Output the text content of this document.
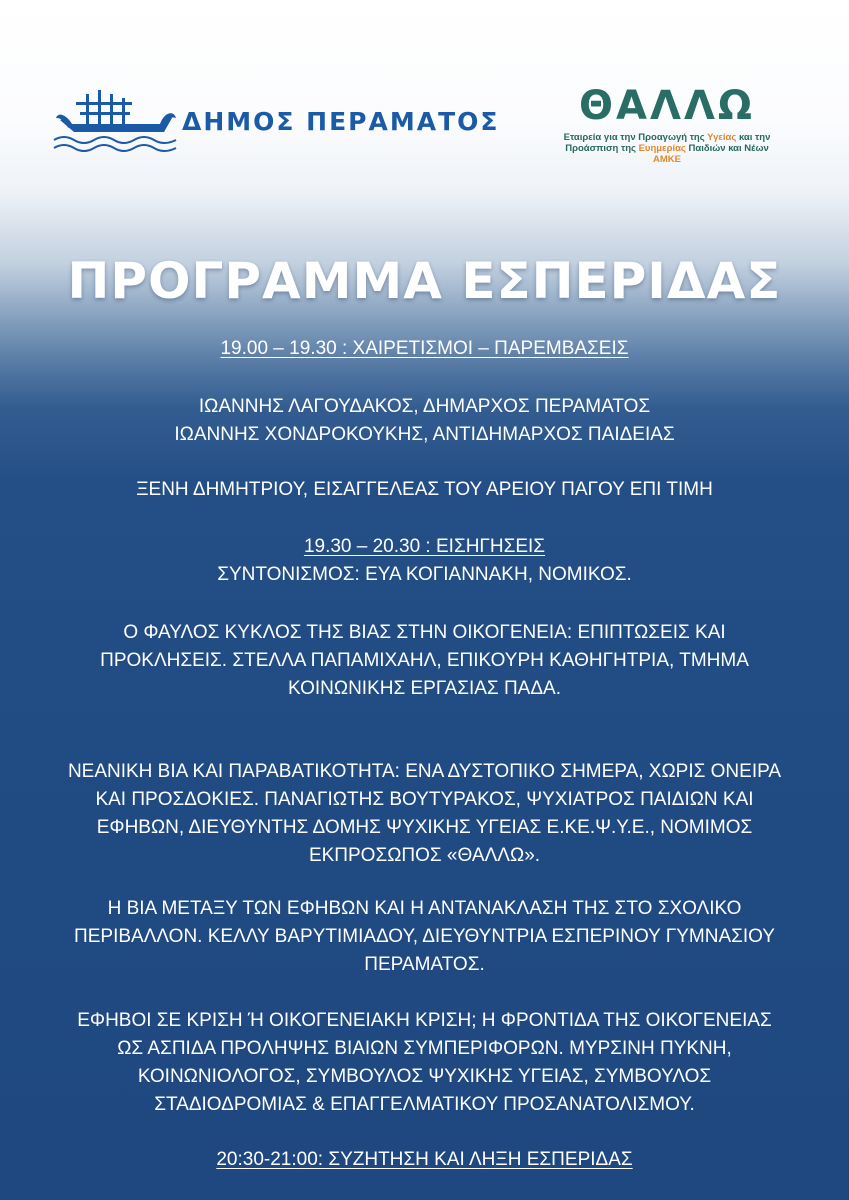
ΔΗΜΟΣ ΠΕΡΑΜΑΤΟΣ	ΘΑΛΛΩ
Εταιρεία για την Προαγωγή της Υγείας και την
Προάσπιση της Ευημερίας Παιδιών και Νέων
ΑΜΚΕ
ΠΡΟΓΡΑΜΜΑ ΕΣΠΕΡΙΔΑΣ
19.00 – 19.30 : ΧΑΙΡΕΤΙΣΜΟΙ – ΠΑΡΕΜΒΑΣΕΙΣ
ΙΩΑΝΝΗΣ ΛΑΓΟΥΔΑΚΟΣ, ΔΗΜΑΡΧΟΣ ΠΕΡΑΜΑΤΟΣ
ΙΩΑΝΝΗΣ ΧΟΝΔΡΟΚΟΥΚΗΣ, ΑΝΤΙΔΗΜΑΡΧΟΣ ΠΑΙΔΕΙΑΣ
ΞΕΝΗ ΔΗΜΗΤΡΙΟΥ, ΕΙΣΑΓΓΕΛΕΑΣ ΤΟΥ ΑΡΕΙΟΥ ΠΑΓΟΥ ΕΠΙ ΤΙΜΗ
19.30 – 20.30 : ΕΙΣΗΓΗΣΕΙΣ
ΣΥΝΤΟΝΙΣΜΟΣ: ΕΥΑ ΚΟΓΙΑΝΝΑΚΗ, ΝΟΜΙΚΟΣ.
Ο ΦΑΥΛΟΣ ΚΥΚΛΟΣ ΤΗΣ ΒΙΑΣ ΣΤΗΝ ΟΙΚΟΓΕΝΕΙΑ: ΕΠΙΠΤΩΣΕΙΣ ΚΑΙ
ΠΡΟΚΛΗΣΕΙΣ. ΣΤΕΛΛΑ ΠΑΠΑΜΙΧΑΗΛ, ΕΠΙΚΟΥΡΗ ΚΑΘΗΓΗΤΡΙΑ, ΤΜΗΜΑ
ΚΟΙΝΩΝΙΚΗΣ ΕΡΓΑΣΙΑΣ ΠΑΔΑ.
ΝΕΑΝΙΚΗ ΒΙΑ ΚΑΙ ΠΑΡΑΒΑΤΙΚΟΤΗΤΑ: ΕΝΑ ΔΥΣΤΟΠΙΚΟ ΣΗΜΕΡΑ, ΧΩΡΙΣ ΟΝΕΙΡΑ
ΚΑΙ ΠΡΟΣΔΟΚΙΕΣ. ΠΑΝΑΓΙΩΤΗΣ ΒΟΥΤΥΡΑΚΟΣ, ΨΥΧΙΑΤΡΟΣ ΠΑΙΔΙΩΝ ΚΑΙ
ΕΦΗΒΩΝ, ΔΙΕΥΘΥΝΤΗΣ ΔΟΜΗΣ ΨΥΧΙΚΗΣ ΥΓΕΙΑΣ Ε.ΚΕ.Ψ.Υ.Ε., ΝΟΜΙΜΟΣ
ΕΚΠΡΟΣΩΠΟΣ «ΘΑΛΛΩ».
Η ΒΙΑ ΜΕΤΑΞΥ ΤΩΝ ΕΦΗΒΩΝ ΚΑΙ Η ΑΝΤΑΝΑΚΛΑΣΗ ΤΗΣ ΣΤΟ ΣΧΟΛΙΚΟ
ΠΕΡΙΒΑΛΛΟΝ. ΚΕΛΛΥ ΒΑΡΥΤΙΜΙΑΔΟΥ, ΔΙΕΥΘΥΝΤΡΙΑ ΕΣΠΕΡΙΝΟΥ ΓΥΜΝΑΣΙΟΥ
ΠΕΡΑΜΑΤΟΣ.
ΕΦΗΒΟΙ ΣΕ ΚΡΙΣΗ Ή ΟΙΚΟΓΕΝΕΙΑΚΗ ΚΡΙΣΗ; Η ΦΡΟΝΤΙΔΑ ΤΗΣ ΟΙΚΟΓΕΝΕΙΑΣ
ΩΣ ΑΣΠΙΔΑ ΠΡΟΛΗΨΗΣ ΒΙΑΙΩΝ ΣΥΜΠΕΡΙΦΟΡΩΝ. ΜΥΡΣΙΝΗ ΠΥΚΝΗ,
ΚΟΙΝΩΝΙΟΛΟΓΟΣ, ΣΥΜΒΟΥΛΟΣ ΨΥΧΙΚΗΣ ΥΓΕΙΑΣ, ΣΥΜΒΟΥΛΟΣ
ΣΤΑΔΙΟΔΡΟΜΙΑΣ & ΕΠΑΓΓΕΛΜΑΤΙΚΟΥ ΠΡΟΣΑΝΑΤΟΛΙΣΜΟΥ.
20:30-21:00: ΣΥΖΗΤΗΣΗ ΚΑΙ ΛΗΞΗ ΕΣΠΕΡΙΔΑΣ
